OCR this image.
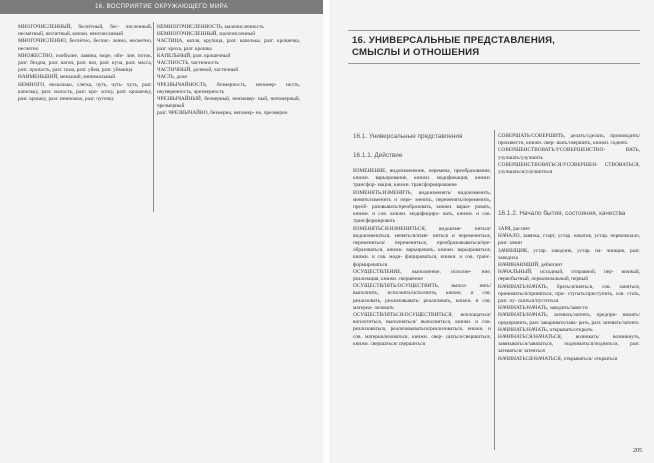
16. ВОСПРИЯТИЕ ОКРУЖАЮЩЕГО МИРА

МНОГОЧИСЛЕННЫЙ, бесчётный, бес- численный, несметный, несчетный, книжн. неисчислимый

МНОГОЧИСЛЕННО, бесчётно, бесчис- ленно, несметно, несчетно

МНОЖЕСТВО, изобилие, лавина, море, оби- лие, поток, разг. бездна, разг. вагон, разг. воз, разг. куча, разг. масса, разг. пропасть, разг. тьма, разг. уйма, разг. уйманца

НАИМЕНЬШИЙ, меньший, минимальный

НЕМНОГО, несколько, слегка, чуть, чуть- чуть, разг. капельку, разг. малость, разг. кро- хотку, разг. крошечку, разг. крошку, разг. немножко, разг. чуточку

НЕМНОГОЧИСЛЕННОСТЬ, малочисленность

НЕМНОГОЧИСЛЕННЫЙ, малочисленный

ЧАСТИЦА, капля, крупица, разг. капелька, разг. крошечка, разг. кроха, разг. крошка

КАПЕЛЬНЫЙ, разг. крошечный

ЧАСТНОСТЬ, частичность

ЧАСТИЧНЫЙ, долевой, частичный

ЧАСТЬ, доля

ЧРЕЗВЫЧАЙНОСТЬ, безмерность, непомер- ность, неумеренность, чрезмерность

ЧРЕЗВЫЧАЙНЫЙ, безмерный, неимовер- ный, непомерный, чрезмерный

разг. ЧРЕЗВЫЧАЙНО, безмерно, непомер- но, чрезмерно

16. УНИВЕРСАЛЬНЫЕ ПРЕДСТАВЛЕНИЯ,
СМЫСЛЫ И ОТНОШЕНИЯ
16.1. Универсальные представления
16.1.1. Действие

ИЗМЕНЕНИЕ, видоизменение, перемена, преобразование, книжн. варьирование, книжн. модификация, книжн. трансфор- мация, книжн. трансформирование

ИЗМЕНЯТЬ/ИЗМЕНИТЬ, видоизменять/ видоизменить, менять/изменить и пере- менить, переменять/переменить, преоб- разовывать/преобразовать, книжн. варьи- ровать, книжн. и сов. книжн. модифициро- вать, книжн. и сов. трансформировать

ИЗМЕНЯТЬСЯ/ИЗМЕНИТЬСЯ, видоизме- няться/видоизмениться, меняться/изме- ниться и перемениться, переменяться/ перемениться, преобразовываться/пре- образоваться, книжн. варьировать, книжн. варьироваться, книжн. и сов. моди- фицироваться, книжн. и сов. транс- формироваться

ОСУЩЕСТВЛЕНИЕ, выполнение, исполне- ние, реализация, книжн. свершение

ОСУЩЕСТВЛЯТЬ/ОСУЩЕСТВИТЬ, выпол- нять/выполнить, исполнять/исполнить, книжн. и сов. реализовать, реализовывать/ реализовать, книжн. и сов. материа- лизовать

ОСУЩЕСТВЛЯТЬСЯ/ОСУЩЕСТВИТЬСЯ, воплощаться/воплотиться, выполняться/ выполниться, книжн. и сов. реализоваться, реализовываться/реализоваться, книжн. и сов. материализоваться, книжн. свер- шаться/свершиться, книжн. свершаться/ свершиться

СОВЕРШАТЬ/СОВЕРШИТЬ, делать/сделать, производить/произвести, книжн. свер- шать/свершить, книжн. содеять

СОВЕРШЕНСТВОВАТЬ/УСОВЕРШЕНСТВО- ВАТЬ, улучшать/улучшить

СОВЕРШЕНСТВОВАТЬСЯ/УСОВЕРШЕН- СТВОВАТЬСЯ, улучшаться/улучшиться

16.1.2. Начало бытия, состояния, качества

ЗАРЯ, рассвет

НАЧАЛО, завязка, старт, устар. начатие, устар. первоначало, разг. зачин

ЗАЧИНЩИК, устар. заводчик, устар. на- чинщик, разг. заводила

НАЧИНАЮЩИЙ, дебютант

НАЧАЛЬНЫЙ, исходный, отправной, пер- вичный, первобытный, первоначальный, первый

НАЧИНАТЬ/НАЧАТЬ, браться/взяться, сов. заняться, приниматься/приняться, при- ступать/приступить, сов. стать, разг. пу- скаться/пуститься

НАЧИНАТЬ/НАЧАТЬ, заводить/завести

НАЧИНАТЬ/НАЧАТЬ, затевать/затеять, предпри- нимать/предпринять, разг. заваривать/зава- рить, разг. затевать/затеять

НАЧИНАТЬ/НАЧАТЬ, открывать/открыть

НАЧИНАТЬСЯ/НАЧАТЬСЯ, возникать/ возникнуть, завязываться/завязаться, подниматься/подняться, разг. затеваться/ затеяться

НАЧИНАТЬСЯ/НАЧАТЬСЯ, открываться/ открыться

205
